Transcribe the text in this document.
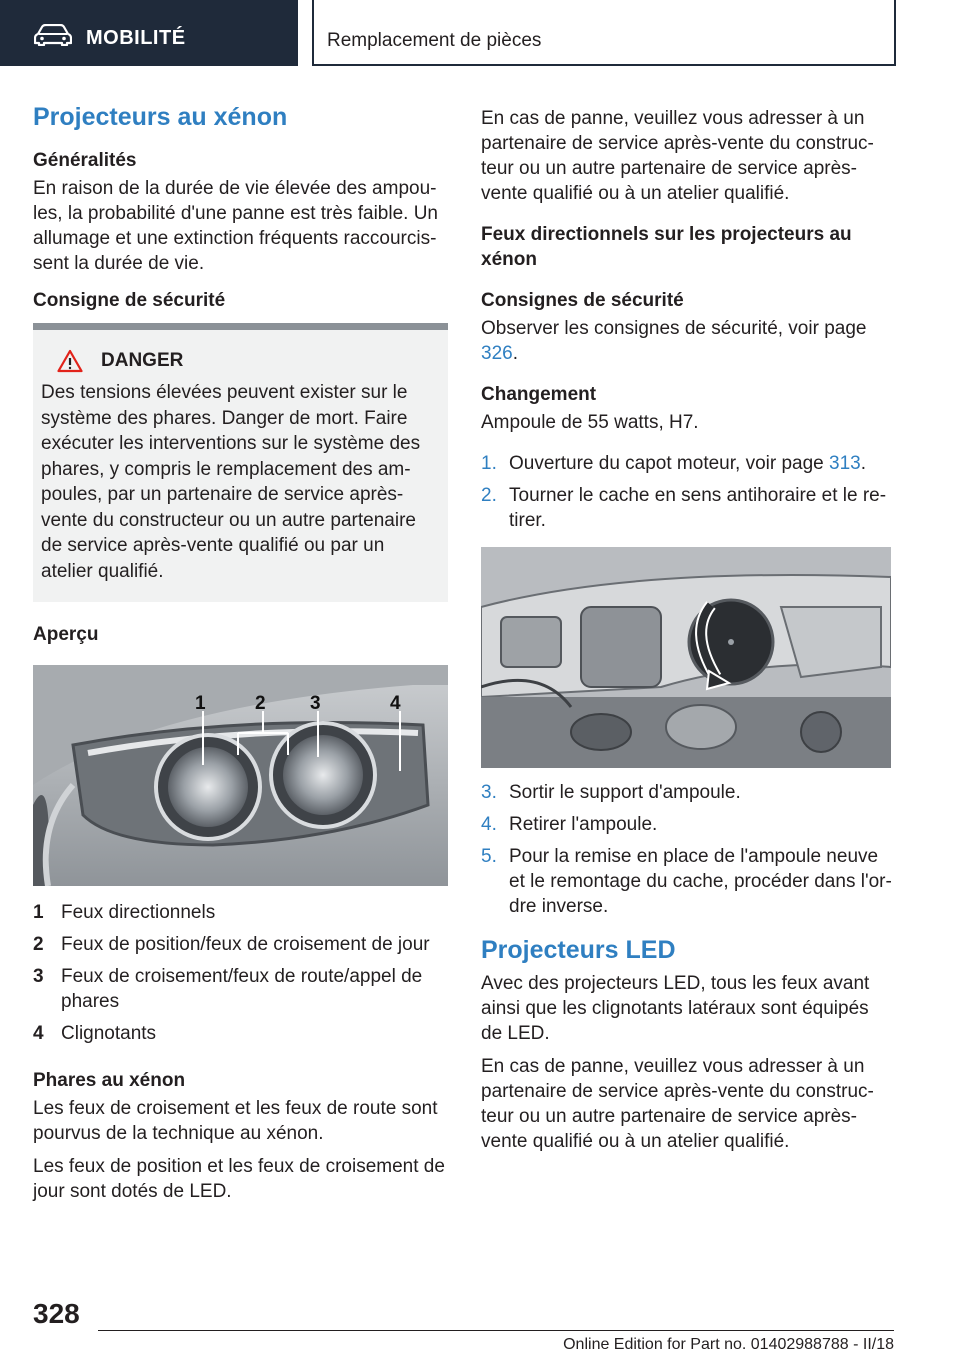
MOBILITÉ	Remplacement de pièces
Projecteurs au xénon
Généralités
En raison de la durée de vie élevée des ampoules, la probabilité d'une panne est très faible. Un allumage et une extinction fréquents raccourcissent la durée de vie.
Consigne de sécurité
DANGER
Des tensions élevées peuvent exister sur le système des phares. Danger de mort. Faire exécuter les interventions sur le système des phares, y compris le remplacement des ampoules, par un partenaire de service après-vente du constructeur ou un autre partenaire de service après-vente qualifié ou par un atelier qualifié.
Aperçu
1	2 3	4
1 Feux directionnels
2 Feux de position/feux de croisement de jour
3 Feux de croisement/feux de route/appel de phares
4 Clignotants
Phares au xénon
Les feux de croisement et les feux de route sont pourvus de la technique au xénon.
Les feux de position et les feux de croisement de jour sont dotés de LED.
En cas de panne, veuillez vous adresser à un partenaire de service après-vente du constructeur ou un autre partenaire de service après-vente qualifié ou à un atelier qualifié.
Feux directionnels sur les projecteurs au xénon
Consignes de sécurité
Observer les consignes de sécurité, voir page 326.
Changement
Ampoule de 55 watts, H7.
1. Ouverture du capot moteur, voir page 313.
2. Tourner le cache en sens antihoraire et le retirer.
3. Sortir le support d'ampoule.
4. Retirer l'ampoule.
5. Pour la remise en place de l'ampoule neuve et le remontage du cache, procéder dans l'ordre inverse.
Projecteurs LED
Avec des projecteurs LED, tous les feux avant ainsi que les clignotants latéraux sont équipés de LED.
En cas de panne, veuillez vous adresser à un partenaire de service après-vente du constructeur ou un autre partenaire de service après-vente qualifié ou à un atelier qualifié.
328
Online Edition for Part no. 01402988788 - II/18
